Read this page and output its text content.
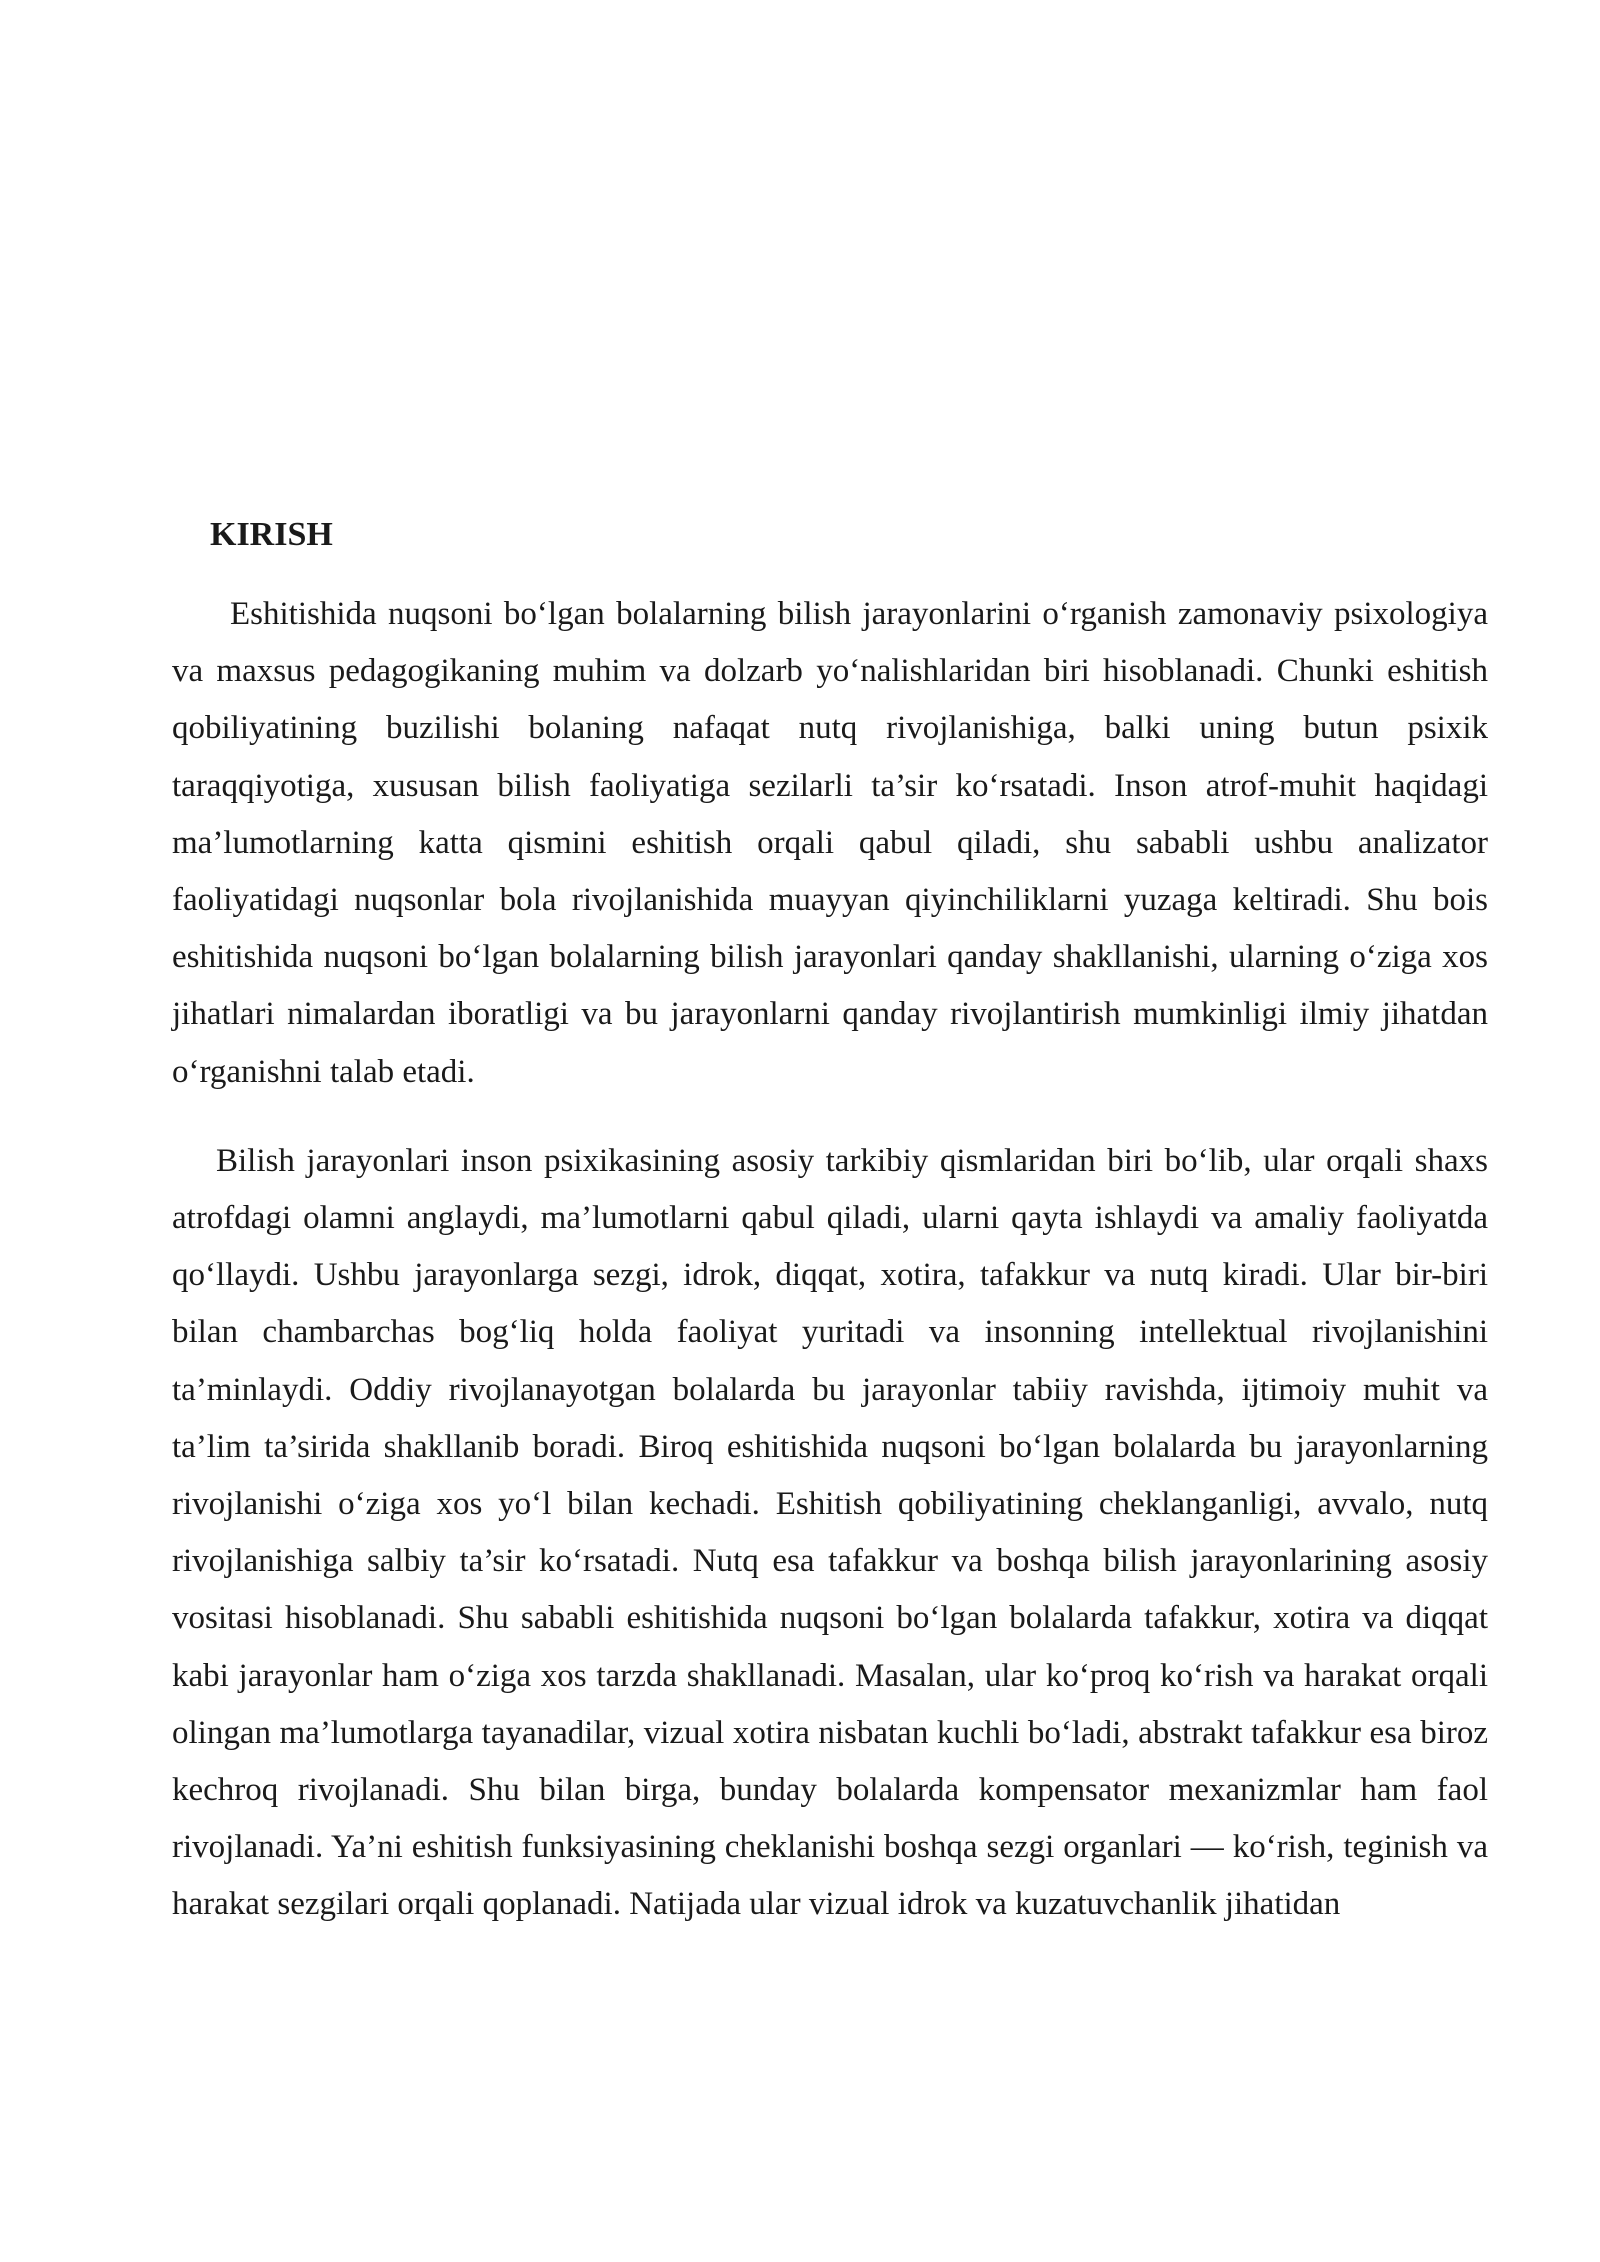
KIRISH

Eshitishida nuqsoni bo‘lgan bolalarning bilish jarayonlarini o‘rganish zamonaviy psixologiya va maxsus pedagogikaning muhim va dolzarb yo‘nalishlaridan biri hisoblanadi. Chunki eshitish qobiliyatining buzilishi bolaning nafaqat nutq rivojlanishiga, balki uning butun psixik taraqqiyotiga, xususan bilish faoliyatiga sezilarli ta’sir ko‘rsatadi. Inson atrof-muhit haqidagi ma’lumotlarning katta qismini eshitish orqali qabul qiladi, shu sababli ushbu analizator faoliyatidagi nuqsonlar bola rivojlanishida muayyan qiyinchiliklarni yuzaga keltiradi. Shu bois eshitishida nuqsoni bo‘lgan bolalarning bilish jarayonlari qanday shakllanishi, ularning o‘ziga xos jihatlari nimalardan iboratligi va bu jarayonlarni qanday rivojlantirish mumkinligi ilmiy jihatdan o‘rganishni talab etadi.

Bilish jarayonlari inson psixikasining asosiy tarkibiy qismlaridan biri bo‘lib, ular orqali shaxs atrofdagi olamni anglaydi, ma’lumotlarni qabul qiladi, ularni qayta ishlaydi va amaliy faoliyatda qo‘llaydi. Ushbu jarayonlarga sezgi, idrok, diqqat, xotira, tafakkur va nutq kiradi. Ular bir-biri bilan chambarchas bog‘liq holda faoliyat yuritadi va insonning intellektual rivojlanishini ta’minlaydi. Oddiy rivojlanayotgan bolalarda bu jarayonlar tabiiy ravishda, ijtimoiy muhit va ta’lim ta’sirida shakllanib boradi. Biroq eshitishida nuqsoni bo‘lgan bolalarda bu jarayonlarning rivojlanishi o‘ziga xos yo‘l bilan kechadi. Eshitish qobiliyatining cheklanganligi, avvalo, nutq rivojlanishiga salbiy ta’sir ko‘rsatadi. Nutq esa tafakkur va boshqa bilish jarayonlarining asosiy vositasi hisoblanadi. Shu sababli eshitishida nuqsoni bo‘lgan bolalarda tafakkur, xotira va diqqat kabi jarayonlar ham o‘ziga xos tarzda shakllanadi. Masalan, ular ko‘proq ko‘rish va harakat orqali olingan ma’lumotlarga tayanadilar, vizual xotira nisbatan kuchli bo‘ladi, abstrakt tafakkur esa biroz kechroq rivojlanadi. Shu bilan birga, bunday bolalarda kompensator mexanizmlar ham faol rivojlanadi. Ya’ni eshitish funksiyasining cheklanishi boshqa sezgi organlari — ko‘rish, teginish va harakat sezgilari orqali qoplanadi. Natijada ular vizual idrok va kuzatuvchanlik jihatidan
